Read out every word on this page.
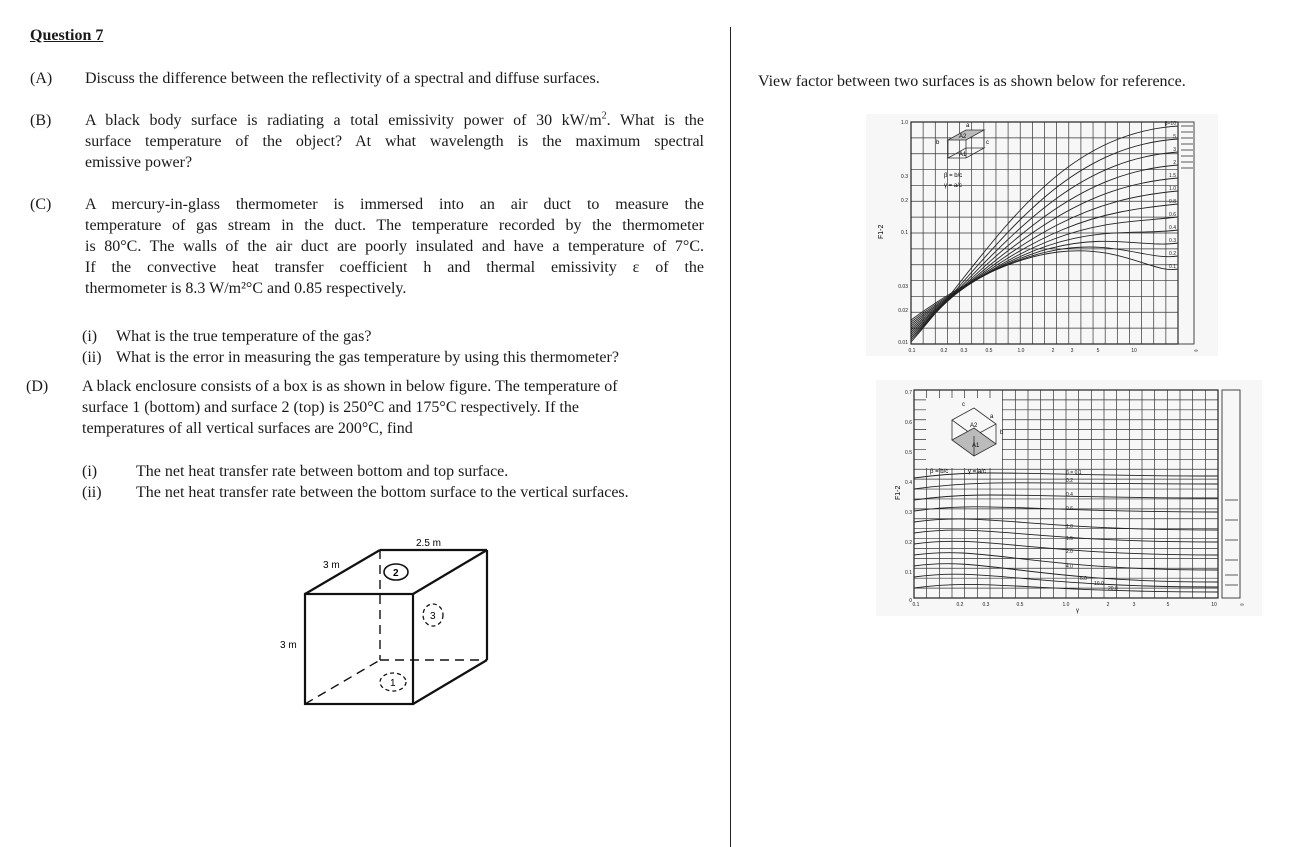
Question 7
(A) Discuss the difference between the reflectivity of a spectral and diffuse surfaces.
(B) A black body surface is radiating a total emissivity power of 30 $kW/m^2$. What is the
surface temperature of the object? At what wavelength is the maximum spectral
emissive power?
(C) A mercury-in-glass thermometer is immersed into an air duct to measure the
temperature of gas stream in the duct. The temperature recorded by the thermometer
is 80°C. The walls of the air duct are poorly insulated and have a temperature of 7°C.
If the convective heat transfer coefficient h and thermal emissivity ε of the
thermometer is 8.3 W/m²°C and 0.85 respectively.
(i) What is the true temperature of the gas?
(ii) What is the error in measuring the gas temperature by using this thermometer?
(D) A black enclosure consists of a box is as shown in below figure. The temperature of
surface 1 (bottom) and surface 2 (top) is 250°C and 175°C respectively. If the
temperatures of all vertical surfaces are 200°C, find
(i) The net heat transfer rate between bottom and top surface.
(ii) The net heat transfer rate between the bottom surface to the vertical surfaces.
2.5 m
3 m
3 m
2
3
1
View factor between two surfaces is as shown below for reference.
A2
A1
a
b	c
β = b/c
γ = a/c
F1-2
1.0
0.3
0.2
0.1
0.03
0.02
0.01
0.1	0.2	0.3	0.5	1.0	2	3	5	10	∞
β=10
5
3
2
1.5
1.0
0.8
0.6
0.4
0.3
0.2
0.1
A2
A1
a
b
c
β = b/c	γ = a/c
F1-2
γ
0.7
0.6
0.5
0.4
0.3
0.2
0.1
0
0.1	0.2	0.3	0.5	1.0	2	3	5	10	∞
β = 0.1
0.2
0.4
0.6
1.0
1.5
2.0
4.0
6.0
10.0
20.0
